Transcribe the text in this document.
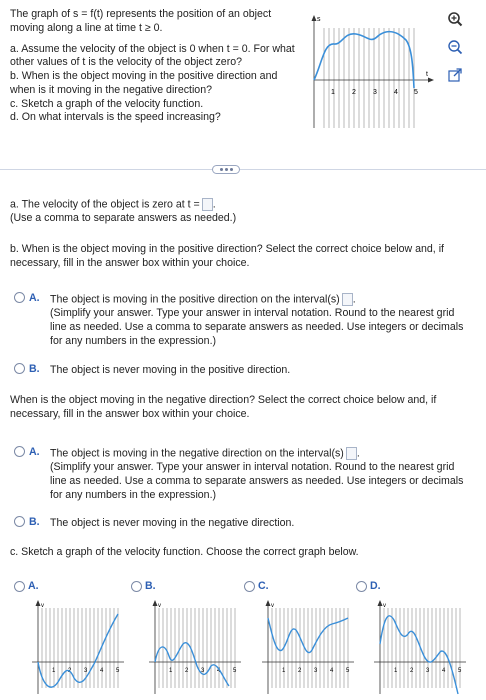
The graph of s = f(t) represents the position of an object moving along a line at time t ≥ 0.

a. Assume the velocity of the object is 0 when t = 0. For what other values of t is the velocity of the object zero?

b. When is the object moving in the positive direction and when is it moving in the negative direction?

c. Sketch a graph of the velocity function.

d. On what intervals is the speed increasing?

s
t
1 2 3 4 5
a. The velocity of the object is zero at t = .
(Use a comma to separate answers as needed.)
b. When is the object moving in the positive direction? Select the correct choice below and, if necessary, fill in the answer box within your choice.
A. The object is moving in the positive direction on the interval(s) .
(Simplify your answer. Type your answer in interval notation. Round to the nearest grid line as needed. Use a comma to separate answers as needed. Use integers or decimals for any numbers in the expression.)
B. The object is never moving in the positive direction.
When is the object moving in the negative direction? Select the correct choice below and, if necessary, fill in the answer box within your choice.
A. The object is moving in the negative direction on the interval(s) .
(Simplify your answer. Type your answer in interval notation. Round to the nearest grid line as needed. Use a comma to separate answers as needed. Use integers or decimals for any numbers in the expression.)
B. The object is never moving in the negative direction.
c. Sketch a graph of the velocity function. Choose the correct graph below.
A.
v
1 2 3 4 5
B.
v
1 2 3 4 5
C.
v
1 2 3 4 5
D.
v
1 2 3 4 5
